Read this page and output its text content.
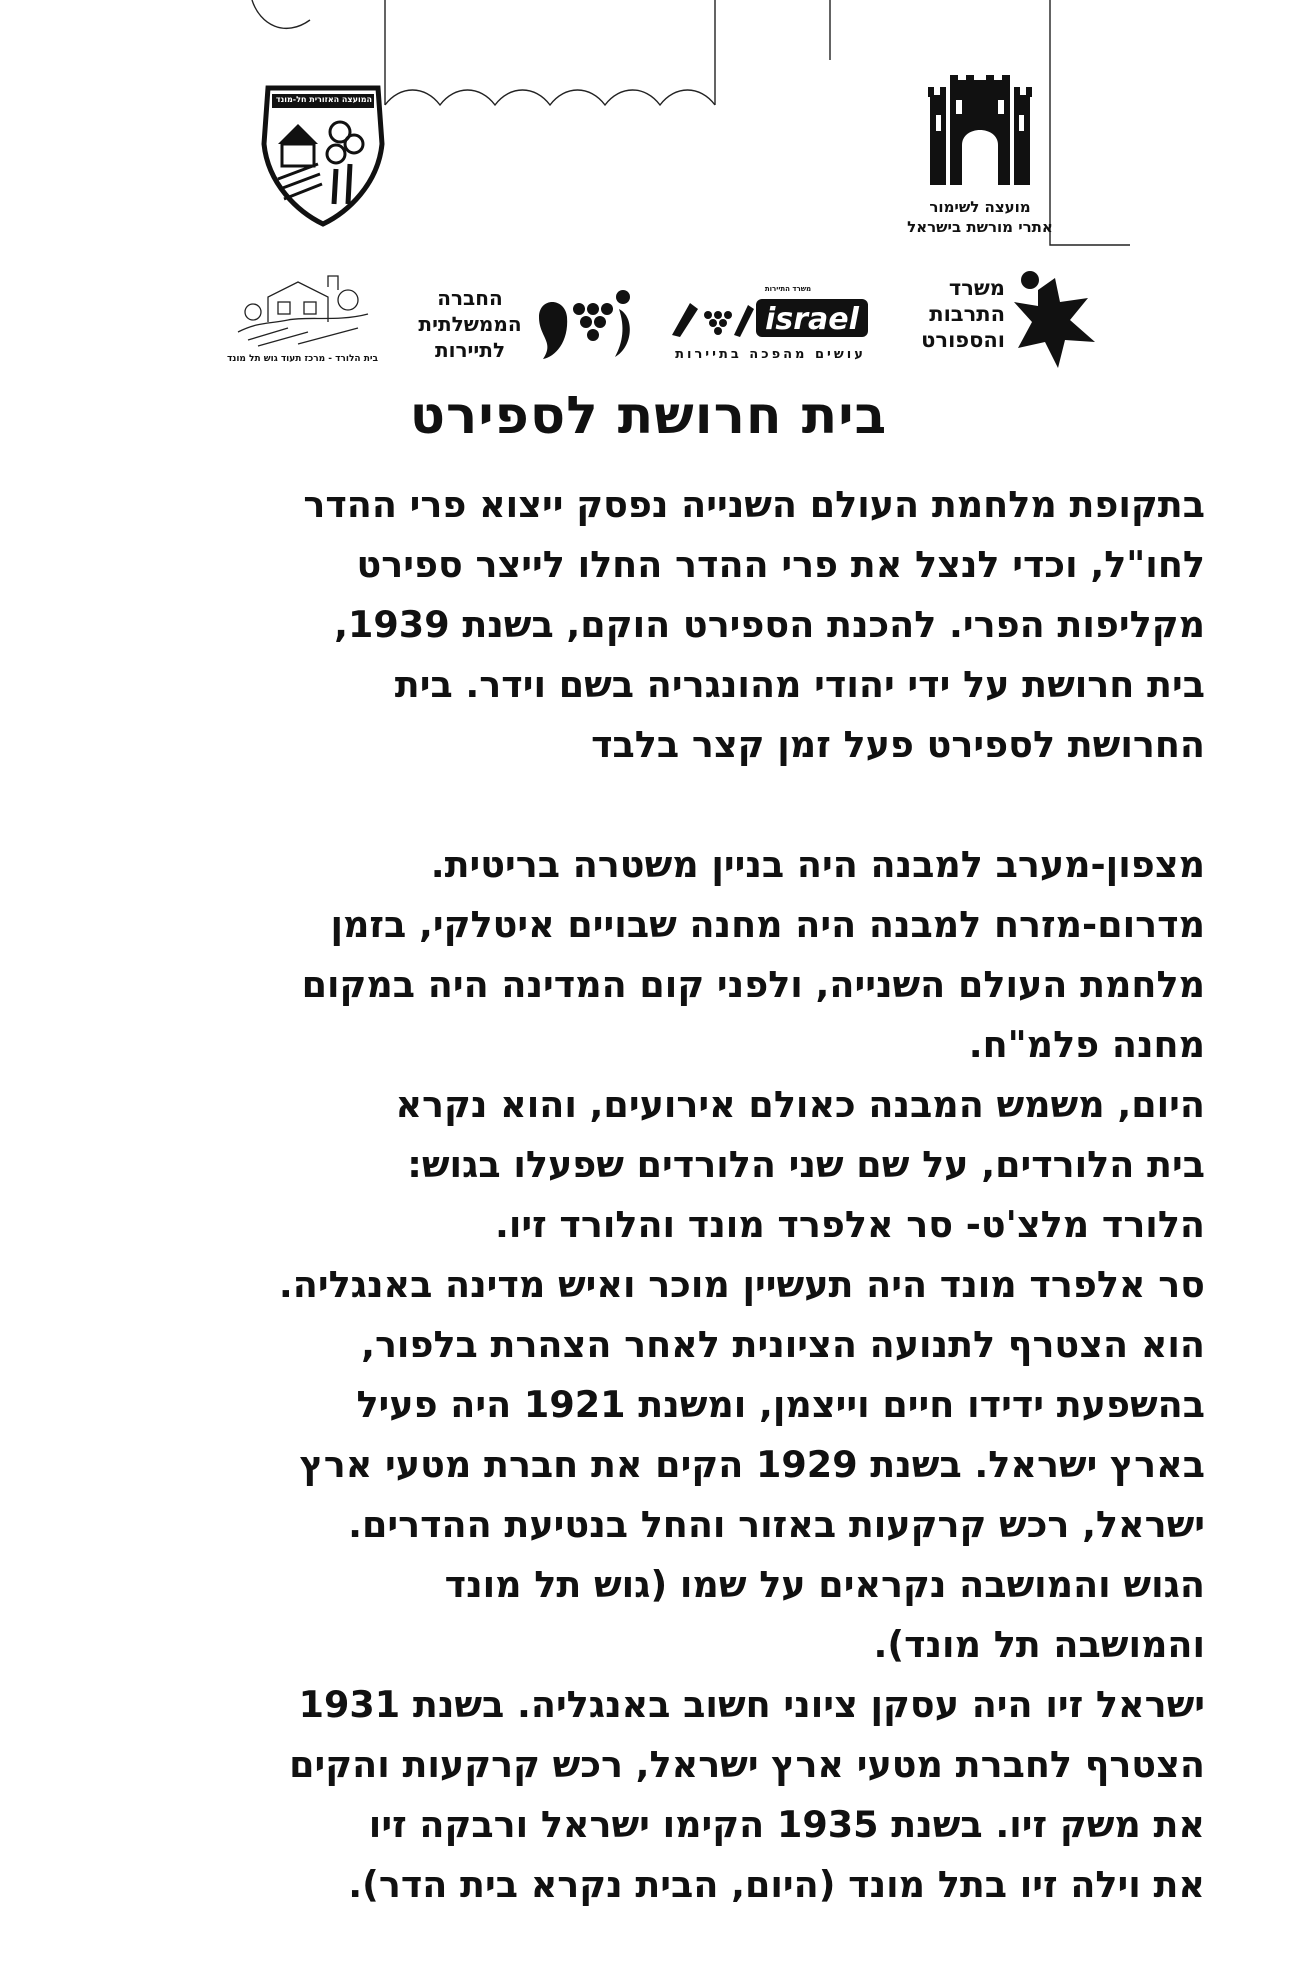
המועצה האזורית חל-מונד
מועצה לשימור
אתרי מורשת בישראל
משרד
התרבות
והספורט
משרד התיירות
israel
עושים מהפכה בתיירות
החברה
הממשלתית
לתיירות
בית הלורד - מרכז תעוד גוש תל מונד
בית חרושת לספירט
בתקופת מלחמת העולם השנייה נפסק ייצוא פרי ההדר
לחו"ל, וכדי לנצל את פרי ההדר החלו לייצר ספירט
מקליפות הפרי. להכנת הספירט הוקם, בשנת 1939,
בית חרושת על ידי יהודי מהונגריה בשם וידר. בית
החרושת לספירט פעל זמן קצר בלבד
מצפון-מערב למבנה היה בניין משטרה בריטית.
מדרום-מזרח למבנה היה מחנה שבויים איטלקי, בזמן
מלחמת העולם השנייה, ולפני קום המדינה היה במקום
מחנה פלמ"ח.
היום, משמש המבנה כאולם אירועים, והוא נקרא
בית הלורדים, על שם שני הלורדים שפעלו בגוש:
הלורד מלצ'ט- סר אלפרד מונד והלורד זיו.
סר אלפרד מונד היה תעשיין מוכר ואיש מדינה באנגליה.
הוא הצטרף לתנועה הציונית לאחר הצהרת בלפור,
בהשפעת ידידו חיים וייצמן, ומשנת 1921 היה פעיל
בארץ ישראל. בשנת 1929 הקים את חברת מטעי ארץ
ישראל, רכש קרקעות באזור והחל בנטיעת ההדרים.
הגוש והמושבה נקראים על שמו (גוש תל מונד
והמושבה תל מונד).
ישראל זיו היה עסקן ציוני חשוב באנגליה. בשנת 1931
הצטרף לחברת מטעי ארץ ישראל, רכש קרקעות והקים
את משק זיו. בשנת 1935 הקימו ישראל ורבקה זיו
את וילה זיו בתל מונד (היום, הבית נקרא בית הדר).
